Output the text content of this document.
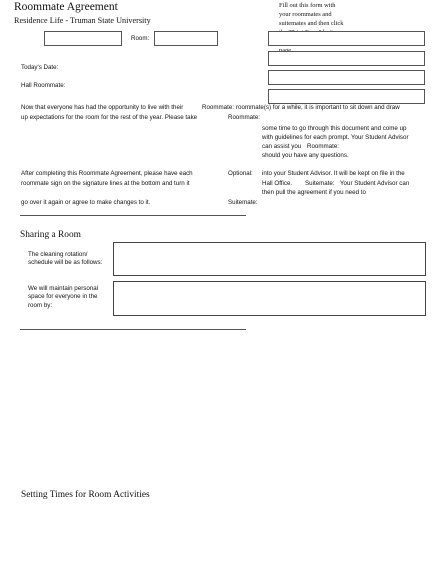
Roommate Agreement
Residence Life - Truman State University
Fill out this form with
your roommates and
suitemates and then click
Room:
Today's Date:
Hall Roommate:
Now that everyone has had the opportunity to live with their	Roommate: roommate(s) for a while, it is important to sit down and draw
up expectations for the room for the rest of the year. Please take	Roommate:
some time to go through this document and come up
with guidelines for each prompt. Your Student Advisor
can assist you Roommate:
should you have any questions.
After completing this Roommate Agreement, please have each	Optional: into your Student Advisor. It will be kept on file in the
roommate sign on the signature lines at the bottom and turn it	Hall Office. Suitemate: Your Student Advisor can
then pull the agreement if you need to
go over it again or agree to make changes to it.	Suitemate:
Sharing a Room
The cleaning rotation/ schedule will be as follows:
We will maintain personal space for everyone in the room by:
Setting Times for Room Activities
